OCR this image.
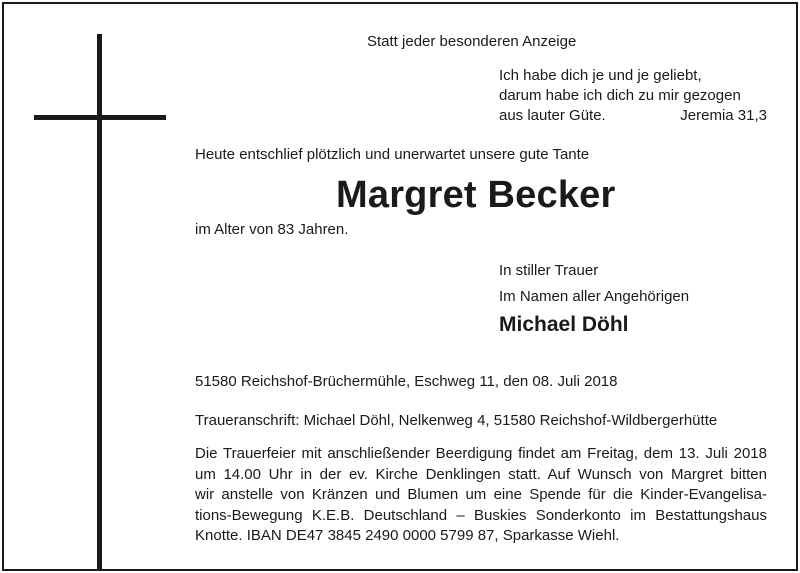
Statt jeder besonderen Anzeige
Ich habe dich je und je geliebt,
darum habe ich dich zu mir gezogen
aus lauter Güte.	Jeremia 31,3
Heute entschlief plötzlich und unerwartet unsere gute Tante
Margret Becker
im Alter von 83 Jahren.
In stiller Trauer
Im Namen aller Angehörigen
Michael Döhl
51580 Reichshof-Brüchermühle, Eschweg 11, den 08. Juli 2018
Traueranschrift: Michael Döhl, Nelkenweg 4, 51580 Reichshof-Wildbergerhütte
Die Trauerfeier mit anschließender Beerdigung findet am Freitag, dem 13. Juli 2018
um 14.00 Uhr in der ev. Kirche Denklingen statt. Auf Wunsch von Margret bitten
wir anstelle von Kränzen und Blumen um eine Spende für die Kinder-Evangelisa-
tions-Bewegung K.E.B. Deutschland – Buskies Sonderkonto im Bestattungshaus
Knotte. IBAN DE47 3845 2490 0000 5799 87, Sparkasse Wiehl.
